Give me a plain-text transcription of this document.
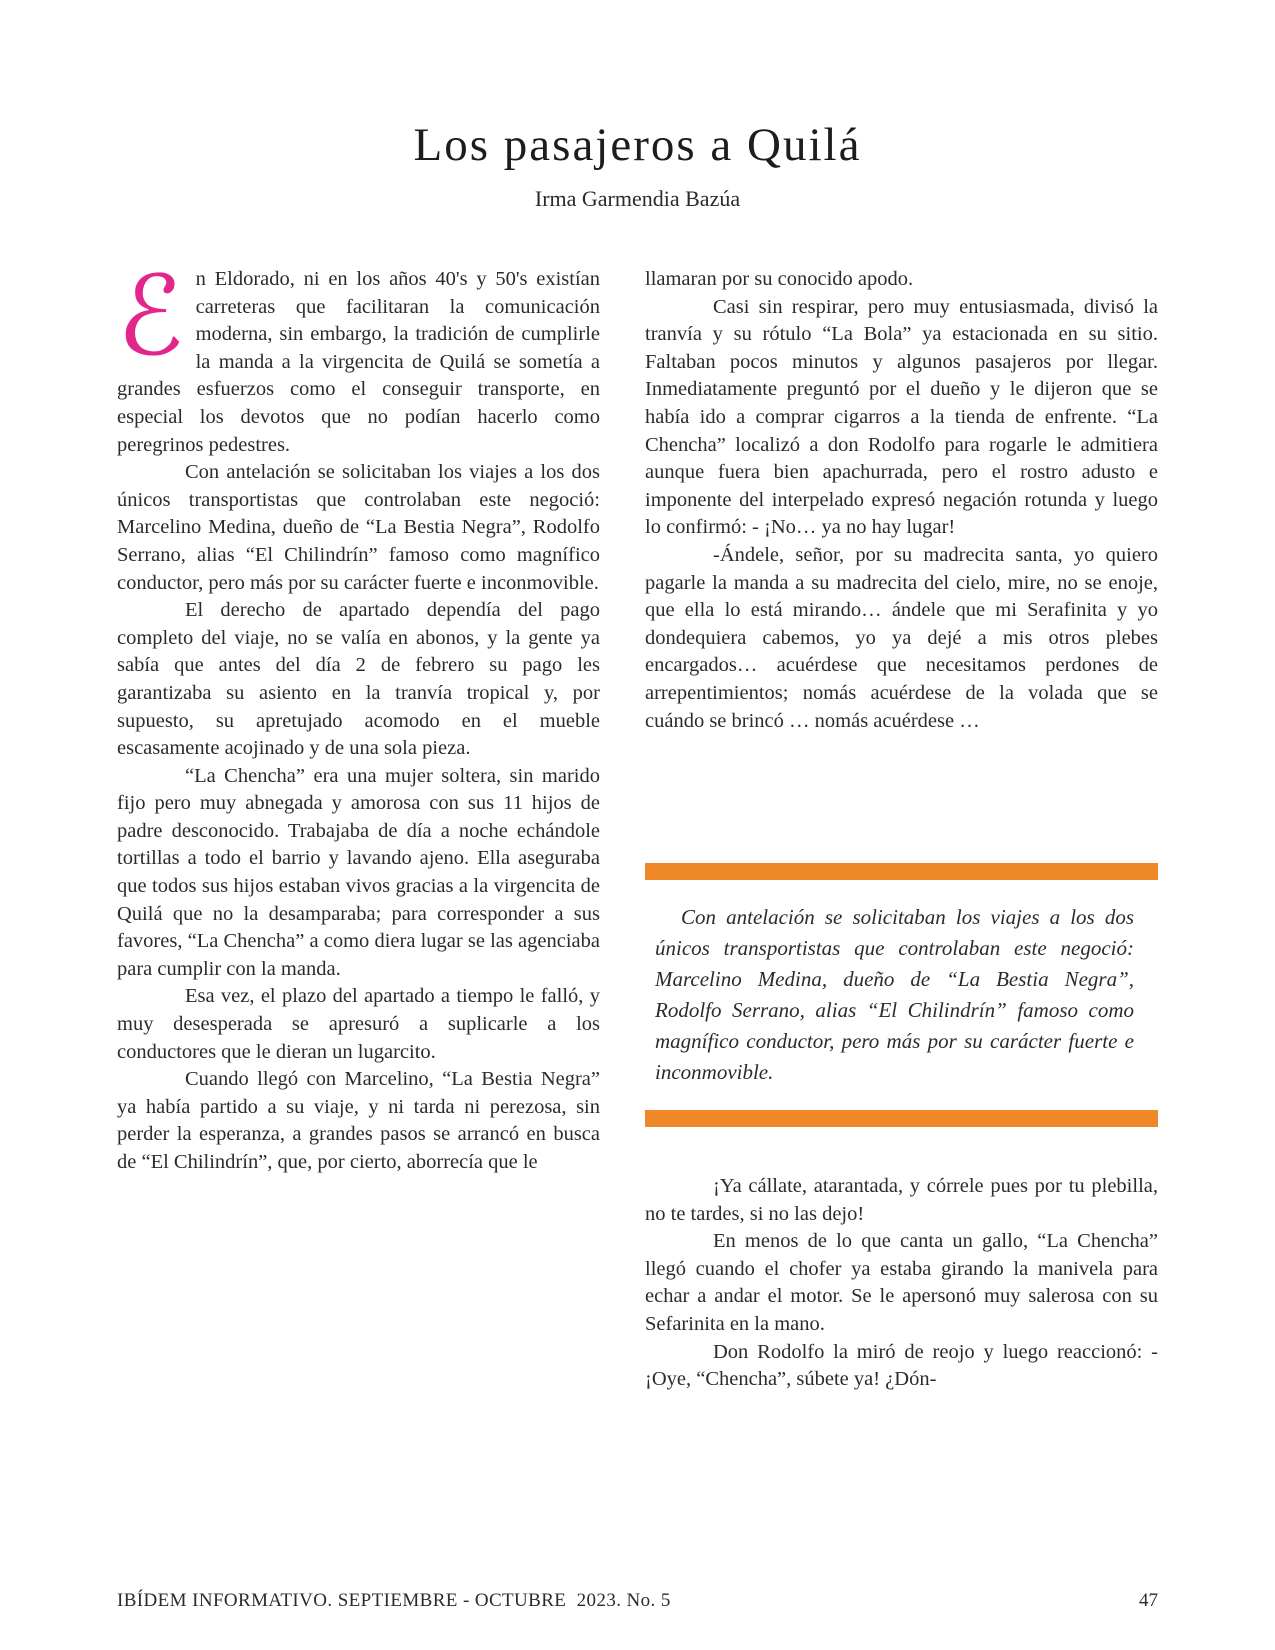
Los pasajeros a Quilá
Irma Garmendia Bazúa

ℰn Eldorado, ni en los años 40's y 50's existían carreteras que facilitaran la comunicación moderna, sin embargo, la tradición de cumplirle la manda a la virgencita de Quilá se sometía a grandes esfuerzos como el conseguir transporte, en especial los devotos que no podían hacerlo como peregrinos pedestres.

Con antelación se solicitaban los viajes a los dos únicos transportistas que controlaban este negoció: Marcelino Medina, dueño de “La Bestia Negra”, Rodolfo Serrano, alias “El Chilindrín” famoso como magnífico conductor, pero más por su carácter fuerte e inconmovible.

El derecho de apartado dependía del pago completo del viaje, no se valía en abonos, y la gente ya sabía que antes del día 2 de febrero su pago les garantizaba su asiento en la tranvía tropical y, por supuesto, su apretujado acomodo en el mueble escasamente acojinado y de una sola pieza.

“La Chencha” era una mujer soltera, sin marido fijo pero muy abnegada y amorosa con sus 11 hijos de padre desconocido. Trabajaba de día a noche echándole tortillas a todo el barrio y lavando ajeno. Ella aseguraba que todos sus hijos estaban vivos gracias a la virgencita de Quilá que no la desamparaba; para corresponder a sus favores, “La Chencha” a como diera lugar se las agenciaba para cumplir con la manda.

Esa vez, el plazo del apartado a tiempo le falló, y muy desesperada se apresuró a suplicarle a los conductores que le dieran un lugarcito.

Cuando llegó con Marcelino, “La Bestia Negra” ya había partido a su viaje, y ni tarda ni perezosa, sin perder la esperanza, a grandes pasos se arrancó en busca de “El Chilindrín”, que, por cierto, aborrecía que le

llamaran por su conocido apodo.

Casi sin respirar, pero muy entusiasmada, divisó la tranvía y su rótulo “La Bola” ya estacionada en su sitio. Faltaban pocos minutos y algunos pasajeros por llegar. Inmediatamente preguntó por el dueño y le dijeron que se había ido a comprar cigarros a la tienda de enfrente. “La Chencha” localizó a don Rodolfo para rogarle le admitiera aunque fuera bien apachurrada, pero el rostro adusto e imponente del interpelado expresó negación rotunda y luego lo confirmó: - ¡No… ya no hay lugar!

-Ándele, señor, por su madrecita santa, yo quiero pagarle la manda a su madrecita del cielo, mire, no se enoje, que ella lo está mirando… ándele que mi Serafinita y yo dondequiera cabemos, yo ya dejé a mis otros plebes encargados… acuérdese que necesitamos perdones de arrepentimientos; nomás acuérdese de la volada que se cuándo se brincó … nomás acuérdese …

Con antelación se solicitaban los viajes a los dos únicos transportistas que controlaban este negoció: Marcelino Medina, dueño de “La Bestia Negra”, Rodolfo Serrano, alias “El Chilindrín” famoso como magnífico conductor, pero más por su carácter fuerte e inconmovible.

¡Ya cállate, atarantada, y córrele pues por tu plebilla, no te tardes, si no las dejo!

En menos de lo que canta un gallo, “La Chencha” llegó cuando el chofer ya estaba girando la manivela para echar a andar el motor. Se le apersonó muy salerosa con su Sefarinita en la mano.

Don Rodolfo la miró de reojo y luego reaccionó: -¡Oye, “Chencha”, súbete ya! ¿Dón-

IBÍDEM INFORMATIVO. SEPTIEMBRE - OCTUBRE  2023. No. 5	47
